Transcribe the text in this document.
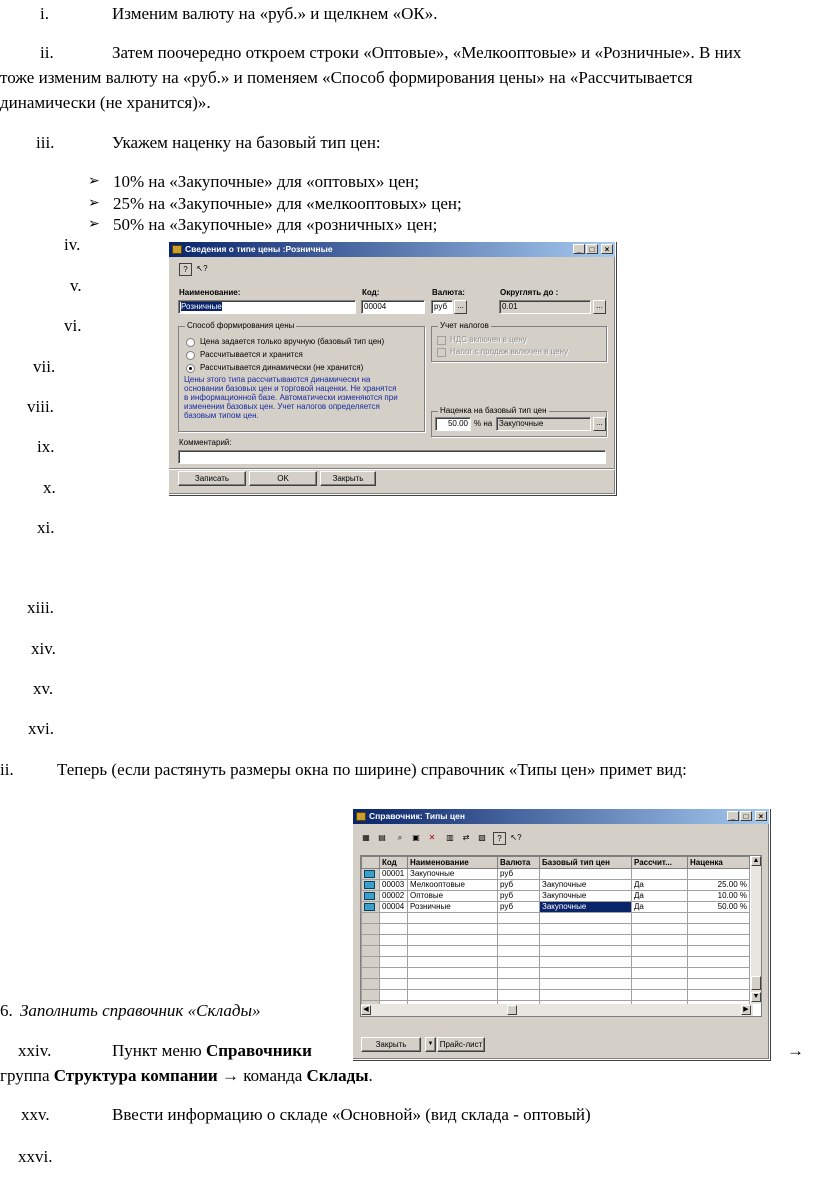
i.	Изменим валюту на «руб.» и щелкнем «ОК».
ii.	Затем поочередно откроем строки «Оптовые», «Мелкооптовые» и «Розничные». В них
тоже изменим валюту на «руб.» и поменяем «Способ формирования цены» на «Рассчитывается
динамически (не хранится)».
iii.	Укажем наценку на базовый тип цен:
➢ 10% на «Закупочные» для «оптовых» цен;
➢ 25% на «Закупочные» для «мелкооптовых» цен;
➢ 50% на «Закупочные» для «розничных» цен;
iv.
v.
vi.
vii.
viii.
ix.
x.
xi.
xiii.
xiv.
xv.
xvi.
ii.	Теперь (если растянуть размеры окна по ширине) справочник «Типы цен» примет вид:
6. Заполнить справочник «Склады»
xxiv.	Пункт меню Справочники	→
группа Структура компании → команда Склады.
xxv.	Ввести информацию о складе «Основной» (вид склада - оптовый)
xxvi.
Сведения о типе цены :Розничные	_	□	×
?	↖?
Наименование:
Розничные
Код:
00004
Валюта:
руб	...
Округлять до :
0.01	...
Способ формирования цены
Цена задается только вручную (базовый тип цен)
Рассчитывается и хранится
Рассчитывается динамически (не хранится)
Цены этого типа рассчитываются динамически на
основании базовых цен и торговой наценки. Не хранятся
в информационной базе. Автоматически изменяются при
изменении базовых цен. Учет налогов определяется
базовым типом цен.
Учет налогов
НДС включен в цену
Налог с продаж включен в цену
Наценка на базовый тип цен
50.00 % на Закупочные	...
Комментарий:
Записать	OK	Закрыть
Справочник: Типы цен	_	□	×
▦	▤	⌕	▣	✕	▥	⇄	▧	?	↖?
	Код	Наименование	Валюта	Базовый тип цен	Рассчит...	Наценка
	00001	Закупочные	руб			
	00003	Мелкооптовые	руб	Закупочные	Да	25.00 %
	00002	Оптовые	руб	Закупочные	Да	10.00 %
	00004	Розничные	руб	Закупочные	Да	50.00 %

▲
▼
◀	▶
Закрыть	▼ Прайс-лист
